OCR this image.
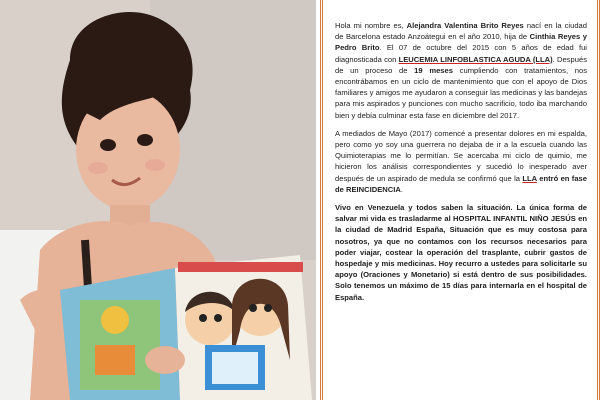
Hola mi nombre es, Alejandra Valentina Brito Reyes nací en la ciudad de Barcelona estado Anzoátegui en el año 2010, hija de Cinthia Reyes y Pedro Brito. El 07 de octubre del 2015 con 5 años de edad fui diagnosticada con LEUCEMIA LINFOBLASTICA AGUDA (LLA). Después de un proceso de 19 meses cumpliendo con tratamientos, nos encontrábamos en un ciclo de mantenimiento que con el apoyo de Dios familiares y amigos me ayudaron a conseguir las medicinas y las bandejas para mis aspirados y punciones con mucho sacrificio, todo iba marchando bien y debía culminar esta fase en diciembre del 2017.

A mediados de Mayo (2017) comencé a presentar dolores en mi espalda, pero como yo soy una guerrera no dejaba de ir a la escuela cuando las Quimioterapias me lo permitían. Se acercaba mi ciclo de quimio, me hicieron los análisis correspondientes y sucedió lo inesperado aver después de un aspirado de medula se confirmó que la LLA entró en fase de REINCIDENCIA.

Vivo en Venezuela y todos saben la situación. La única forma de salvar mi vida es trasladarme al HOSPITAL INFANTIL NIÑO JESÚS en la ciudad de Madrid España, Situación que es muy costosa para nosotros, ya que no contamos con los recursos necesarios para poder viajar, costear la operación del trasplante, cubrir gastos de hospedaje y mis medicinas. Hoy recurro a ustedes para solicitarle su apoyo (Oraciones y Monetario) si está dentro de sus posibilidades. Solo tenemos un máximo de 15 días para internarla en el hospital de España.
